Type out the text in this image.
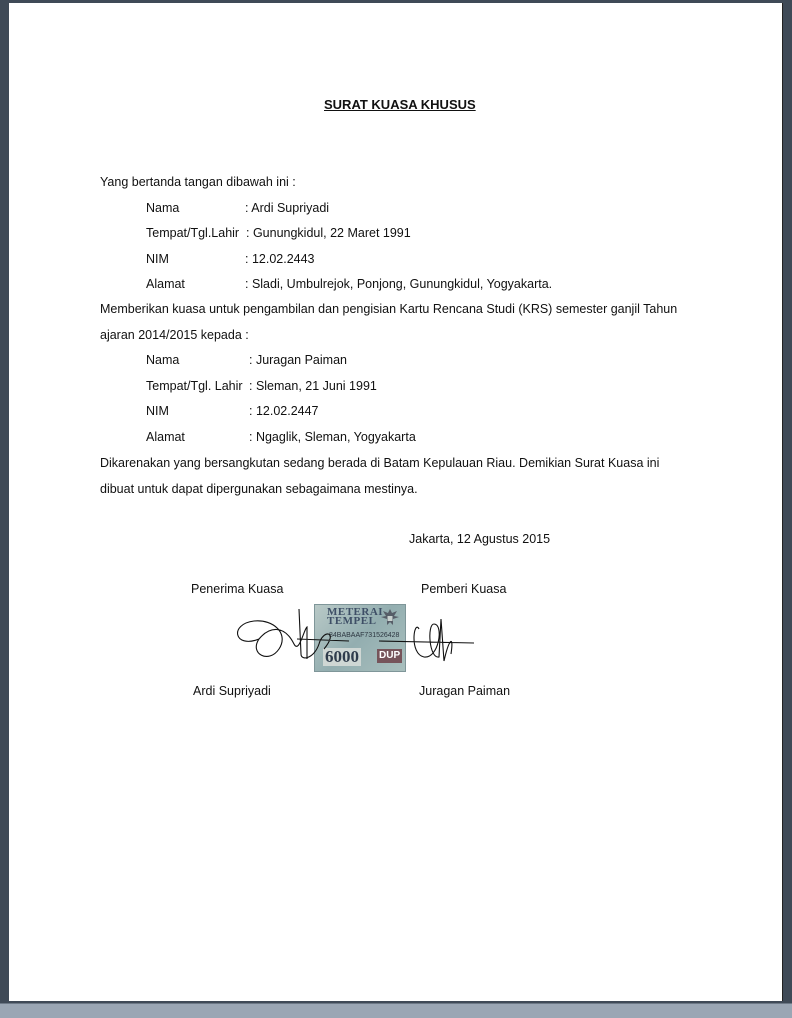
SURAT KUASA KHUSUS
Yang bertanda tangan dibawah ini :
Nama	: Ardi Supriyadi
Tempat/Tgl.Lahir : Gunungkidul, 22 Maret 1991
NIM	: 12.02.2443
Alamat	: Sladi, Umbulrejok, Ponjong, Gunungkidul, Yogyakarta.
Memberikan kuasa untuk pengambilan dan pengisian Kartu Rencana Studi (KRS) semester ganjil Tahun
ajaran 2014/2015 kepada :
Nama	: Juragan Paiman
Tempat/Tgl. Lahir : Sleman, 21 Juni 1991
NIM	: 12.02.2447
Alamat	: Ngaglik, Sleman, Yogyakarta
Dikarenakan yang bersangkutan sedang berada di Batam Kepulauan Riau. Demikian Surat Kuasa ini
dibuat untuk dapat dipergunakan sebagaimana mestinya.
Jakarta, 12 Agustus 2015
Penerima Kuasa	Pemberi Kuasa
METERAI
TEMPEL
84BABAAF731526428
6000 DUP
Ardi Supriyadi	Juragan Paiman
